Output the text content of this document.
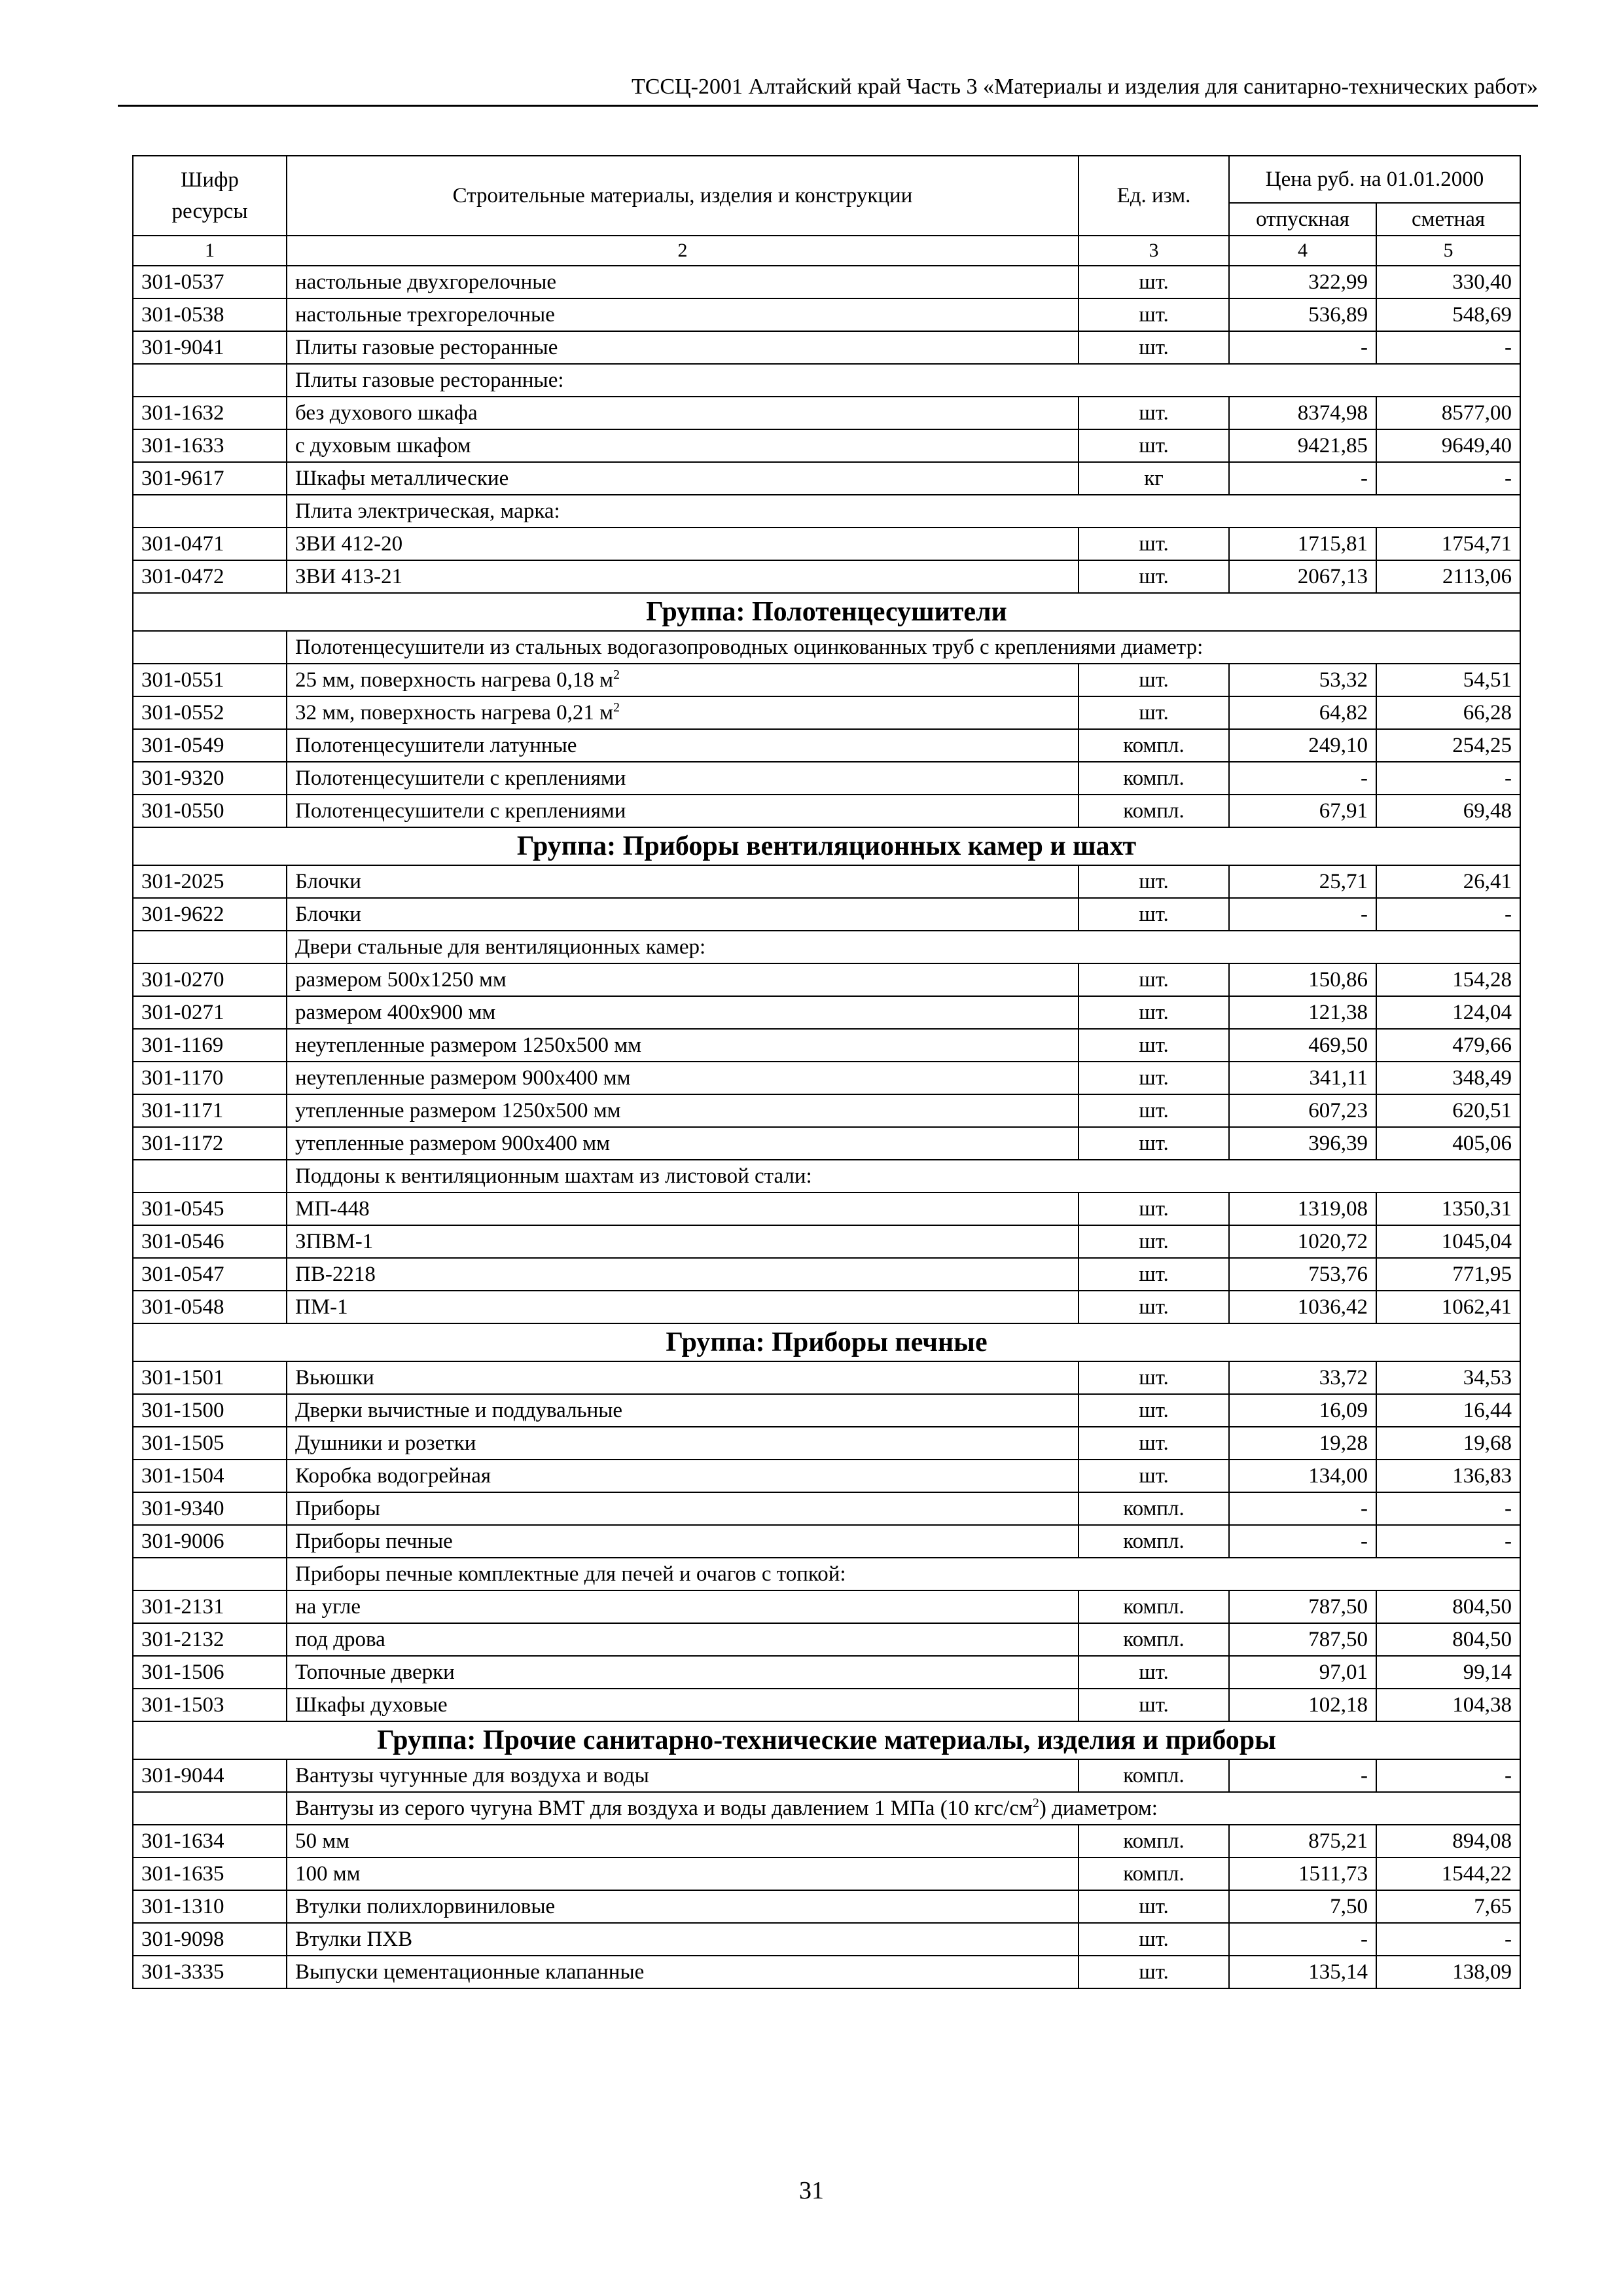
ТССЦ-2001 Алтайский край Часть 3 «Материалы и изделия для санитарно-технических работ»
Шифр ресурсы	Строительные материалы, изделия и конструкции	Ед. изм.	Цена руб. на 01.01.2000	
			отпускная	сметная
1	2	3	4	5
301-0537	настольные двухгорелочные	шт.	322,99	330,40
301-0538	настольные трехгорелочные	шт.	536,89	548,69
301-9041	Плиты газовые ресторанные	шт.	-	-
	Плиты газовые ресторанные:			
301-1632	без духового шкафа	шт.	8374,98	8577,00
301-1633	с духовым шкафом	шт.	9421,85	9649,40
301-9617	Шкафы металлические	кг	-	-
	Плита электрическая, марка:			
301-0471	ЗВИ 412-20	шт.	1715,81	1754,71
301-0472	ЗВИ 413-21	шт.	2067,13	2113,06
Группа: Полотенцесушители				
	Полотенцесушители из стальных водогазопроводных оцинкованных труб с креплениями диаметр:			
301-0551	25 мм, поверхность нагрева 0,18 $м^2$	шт.	53,32	54,51
301-0552	32 мм, поверхность нагрева 0,21 $м^2$	шт.	64,82	66,28
301-0549	Полотенцесушители латунные	компл.	249,10	254,25
301-9320	Полотенцесушители с креплениями	компл.	-	-
301-0550	Полотенцесушители с креплениями	компл.	67,91	69,48
Группа: Приборы вентиляционных камер и шахт				
301-2025	Блочки	шт.	25,71	26,41
301-9622	Блочки	шт.	-	-
	Двери стальные для вентиляционных камер:			
301-0270	размером 500х1250 мм	шт.	150,86	154,28
301-0271	размером 400х900 мм	шт.	121,38	124,04
301-1169	неутепленные размером 1250х500 мм	шт.	469,50	479,66
301-1170	неутепленные размером 900х400 мм	шт.	341,11	348,49
301-1171	утепленные размером 1250х500 мм	шт.	607,23	620,51
301-1172	утепленные размером 900х400 мм	шт.	396,39	405,06
	Поддоны к вентиляционным шахтам из листовой стали:			
301-0545	МП-448	шт.	1319,08	1350,31
301-0546	ЗПВМ-1	шт.	1020,72	1045,04
301-0547	ПВ-2218	шт.	753,76	771,95
301-0548	ПМ-1	шт.	1036,42	1062,41
Группа: Приборы печные				
301-1501	Вьюшки	шт.	33,72	34,53
301-1500	Дверки вычистные и поддувальные	шт.	16,09	16,44
301-1505	Душники и розетки	шт.	19,28	19,68
301-1504	Коробка водогрейная	шт.	134,00	136,83
301-9340	Приборы	компл.	-	-
301-9006	Приборы печные	компл.	-	-
	Приборы печные комплектные для печей и очагов с топкой:			
301-2131	на угле	компл.	787,50	804,50
301-2132	под дрова	компл.	787,50	804,50
301-1506	Топочные дверки	шт.	97,01	99,14
301-1503	Шкафы духовые	шт.	102,18	104,38
Группа: Прочие санитарно-технические материалы, изделия и приборы				
301-9044	Вантузы чугунные для воздуха и воды	компл.	-	-
	Вантузы из серого чугуна ВМТ для воздуха и воды давлением 1 МПа (10 кгс/$см^2$) диаметром:			
301-1634	50 мм	компл.	875,21	894,08
301-1635	100 мм	компл.	1511,73	1544,22
301-1310	Втулки полихлорвиниловые	шт.	7,50	7,65
301-9098	Втулки ПХВ	шт.	-	-
301-3335	Выпуски цементационные клапанные	шт.	135,14	138,09
31
